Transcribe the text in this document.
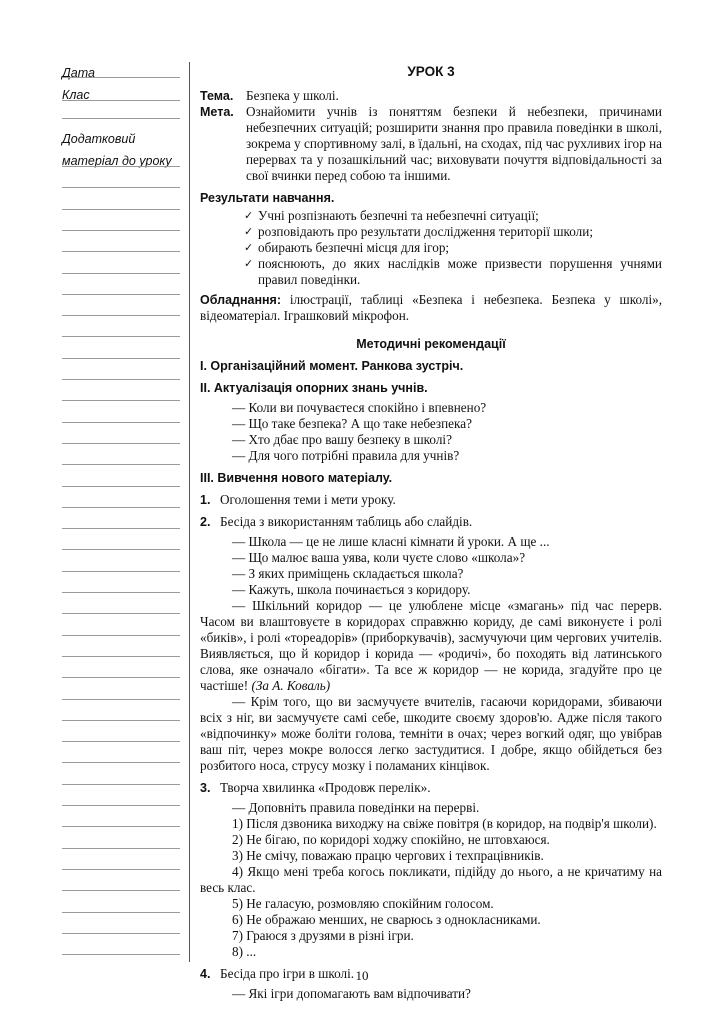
Дата
Клас
Додатковий
матеріал до уроку
УРОК 3
Тема. Безпека у школі.
Мета. Ознайомити учнів із поняттям безпеки й небезпеки, причинами небезпечних ситуацій; розширити знання про правила поведінки в школі, зокрема у спортивному залі, в їдальні, на сходах, під час рухливих ігор на перервах та у позашкільний час; виховувати почуття відповідальності за свої вчинки перед собою та іншими.
Результати навчання.
✓ Учні розпізнають безпечні та небезпечні ситуації;
✓ розповідають про результати дослідження території школи;
✓ обирають безпечні місця для ігор;
✓ пояснюють, до яких наслідків може призвести порушення учнями правил поведінки.
Обладнання: ілюстрації, таблиці «Безпека і небезпека. Безпека у школі», відеоматеріал. Іграшковий мікрофон.
Методичні рекомендації
I. Організаційний момент. Ранкова зустріч.
II. Актуалізація опорних знань учнів.

— Коли ви почуваєтеся спокійно і впевнено?

— Що таке безпека? А що таке небезпека?

— Хто дбає про вашу безпеку в школі?

— Для чого потрібні правила для учнів?

III. Вивчення нового матеріалу.
1. Оголошення теми і мети уроку.
2. Бесіда з використанням таблиць або слайдів.

— Школа — це не лише класні кімнати й уроки. А ще ...

— Що малює ваша уява, коли чуєте слово «школа»?

— З яких приміщень складається школа?

— Кажуть, школа починається з коридору.

— Шкільний коридор — це улюблене місце «змагань» під час перерв. Часом ви влаштовуєте в коридорах справжню кориду, де самі виконуєте і ролі «биків», і ролі «тореадорів» (приборкувачів), засмучуючи цим чергових учителів. Виявляється, що й коридор і корида — «родичі», бо походять від латинського слова, яке означало «бігати». Та все ж коридор — не корида, згадуйте про це частіше! (За А. Коваль)

— Крім того, що ви засмучуєте вчителів, гасаючи коридорами, збиваючи всіх з ніг, ви засмучуєте самі себе, шкодите своєму здоров'ю. Адже після такого «відпочинку» може боліти голова, темніти в очах; через вогкий одяг, що увібрав ваш піт, через мокре волосся легко застудитися. І добре, якщо обійдеться без розбитого носа, струсу мозку і поламаних кінцівок.

3. Творча хвилинка «Продовж перелік».

— Доповніть правила поведінки на перерві.

1) Після дзвоника виходжу на свіже повітря (в коридор, на подвір'я школи).

2) Не бігаю, по коридорі ходжу спокійно, не штовхаюся.

3) Не смічу, поважаю працю чергових і техпрацівників.

4) Якщо мені треба когось покликати, підійду до нього, а не кричатиму на весь клас.

5) Не галасую, розмовляю спокійним голосом.

6) Не ображаю менших, не сварюсь з однокласниками.

7) Граюся з друзями в різні ігри.

8) ...

4. Бесіда про ігри в школі.

— Які ігри допомагають вам відпочивати?

10
